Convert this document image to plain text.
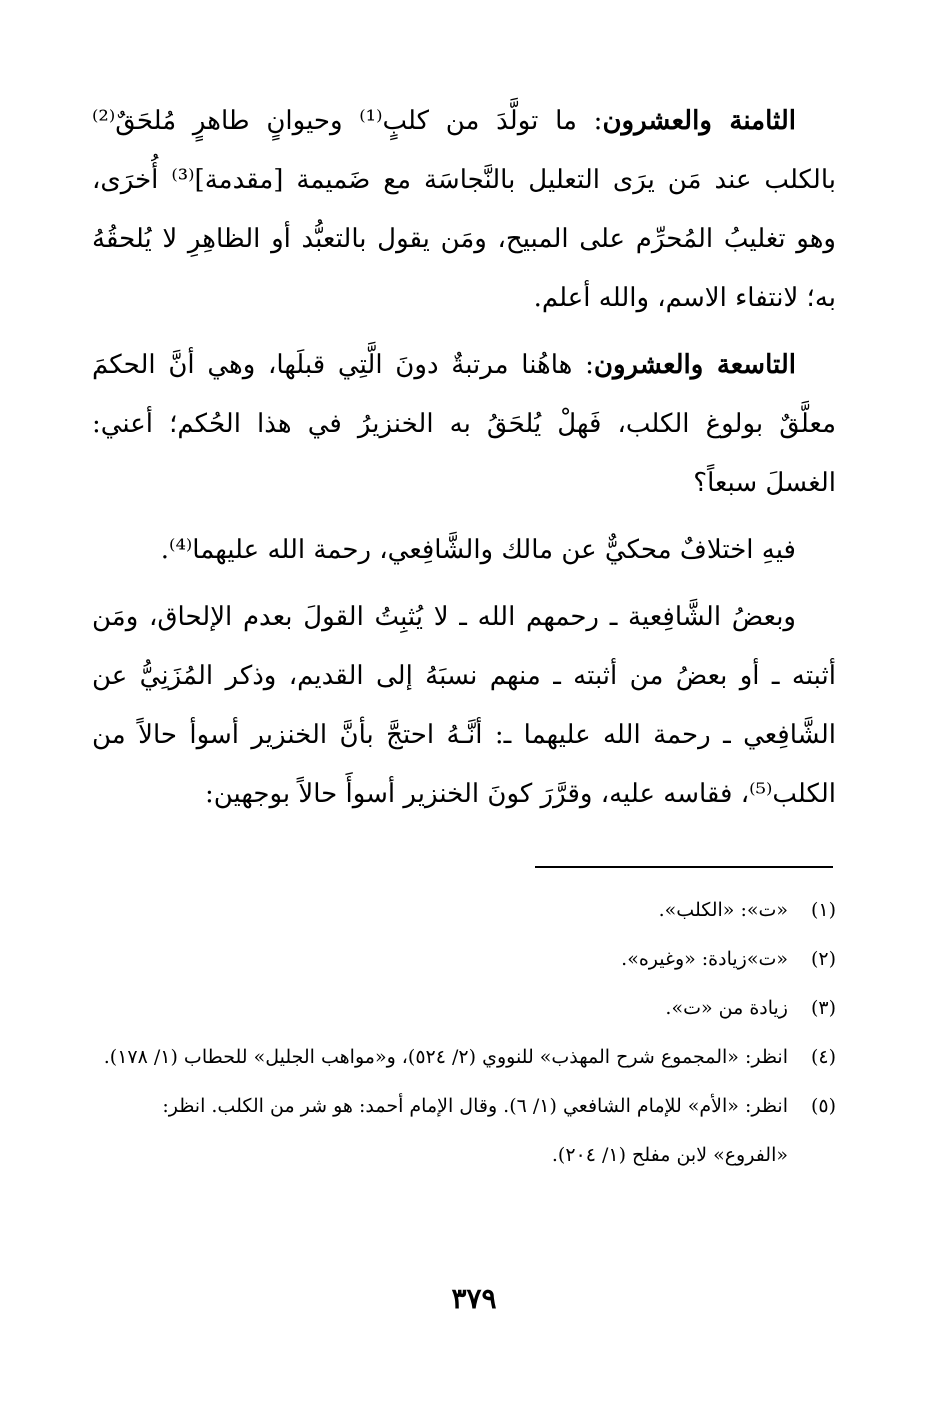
الثامنة والعشرون: ما تولَّدَ من كلبٍ⁽¹⁾ وحيوانٍ طاهرٍ مُلحَقٌ⁽²⁾ بالكلب عند مَن يرَى التعليل بالنَّجاسَة مع ضَميمة [مقدمة]⁽³⁾ أُخرَى، وهو تغليبُ المُحرِّم على المبيح، ومَن يقول بالتعبُّد أو الظاهِرِ لا يُلحقُهُ به؛ لانتفاء الاسم، والله أعلم.

التاسعة والعشرون: هاهُنا مرتبةٌ دونَ الَّتِي قبلَها، وهي أنَّ الحكمَ معلَّقٌ بولوغ الكلب، فَهلْ يُلحَقُ به الخنزيرُ في هذا الحُكم؛ أعني: الغسلَ سبعاً؟

فيهِ اختلافٌ محكيٌّ عن مالك والشَّافِعي، رحمة الله عليهما⁽⁴⁾.

وبعضُ الشَّافِعية ـ رحمهم الله ـ لا يُثبِتُ القولَ بعدم الإلحاق، ومَن أثبته ـ أو بعضُ من أثبته ـ منهم نسبَهُ إلى القديم، وذكر المُزَنِيُّ عن الشَّافِعي ـ رحمة الله عليهما ـ: أنَّـهُ احتجَّ بأنَّ الخنزير أسوأ حالاً من الكلب⁽⁵⁾، فقاسه عليه، وقرَّرَ كونَ الخنزير أسوأَ حالاً بوجهين:

(١)
«ت»: «الكلب».
(٢)
«ت»زيادة: «وغيره».
(٣)
زيادة من «ت».
(٤)
انظر: «المجموع شرح المهذب» للنووي (٢/ ٥٢٤)، و«مواهب الجليل» للحطاب (١/ ١٧٨).
(٥)
انظر: «الأم» للإمام الشافعي (١/ ٦). وقال الإمام أحمد: هو شر من الكلب. انظر: «الفروع» لابن مفلح (١/ ٢٠٤).
٣٧٩
